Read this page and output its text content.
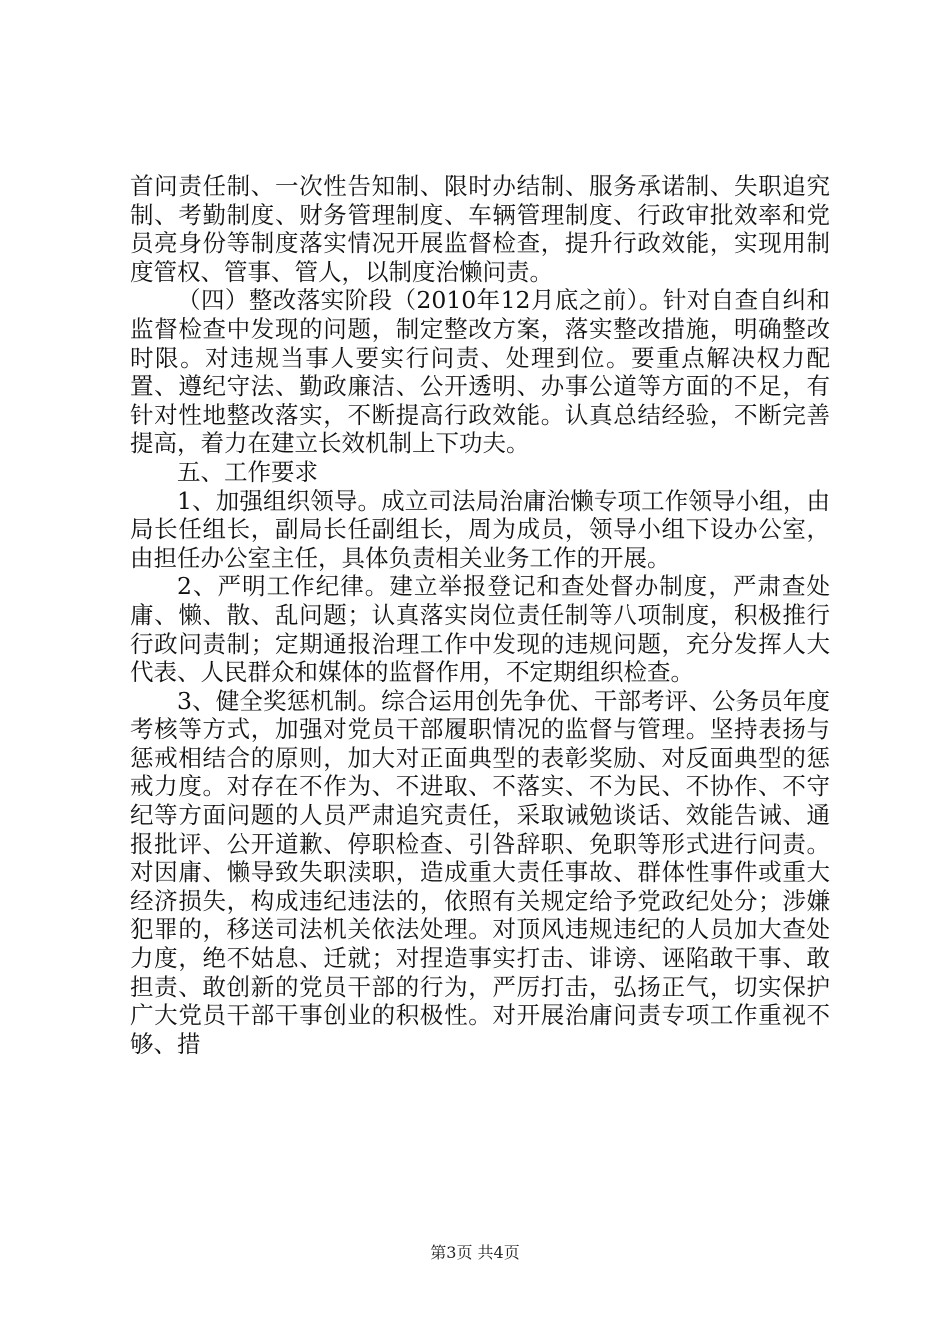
首问责任制、一次性告知制、限时办结制、服务承诺制、失职追究制、考勤制度、财务管理制度、车辆管理制度、行政审批效率和党员亮身份等制度落实情况开展监督检查，提升行政效能，实现用制度管权、管事、管人，以制度治懒问责。

（四）整改落实阶段（2010年12月底之前）。针对自查自纠和监督检查中发现的问题，制定整改方案，落实整改措施，明确整改时限。对违规当事人要实行问责、处理到位。要重点解决权力配置、遵纪守法、勤政廉洁、公开透明、办事公道等方面的不足，有针对性地整改落实，不断提高行政效能。认真总结经验，不断完善提高，着力在建立长效机制上下功夫。

五、工作要求

1、加强组织领导。成立司法局治庸治懒专项工作领导小组，由局长任组长，副局长任副组长，周为成员，领导小组下设办公室，由担任办公室主任，具体负责相关业务工作的开展。

2、严明工作纪律。建立举报登记和查处督办制度，严肃查处庸、懒、散、乱问题；认真落实岗位责任制等八项制度，积极推行行政问责制；定期通报治理工作中发现的违规问题，充分发挥人大代表、人民群众和媒体的监督作用，不定期组织检查。

3、健全奖惩机制。综合运用创先争优、干部考评、公务员年度考核等方式，加强对党员干部履职情况的监督与管理。坚持表扬与惩戒相结合的原则，加大对正面典型的表彰奖励、对反面典型的惩戒力度。对存在不作为、不进取、不落实、不为民、不协作、不守纪等方面问题的人员严肃追究责任，采取诫勉谈话、效能告诫、通报批评、公开道歉、停职检查、引咎辞职、免职等形式进行问责。对因庸、懒导致失职渎职，造成重大责任事故、群体性事件或重大经济损失，构成违纪违法的，依照有关规定给予党政纪处分；涉嫌犯罪的，移送司法机关依法处理。对顶风违规违纪的人员加大查处力度，绝不姑息、迁就；对捏造事实打击、诽谤、诬陷敢干事、敢担责、敢创新的党员干部的行为，严厉打击，弘扬正气，切实保护广大党员干部干事创业的积极性。对开展治庸问责专项工作重视不够、措

第3页 共4页
